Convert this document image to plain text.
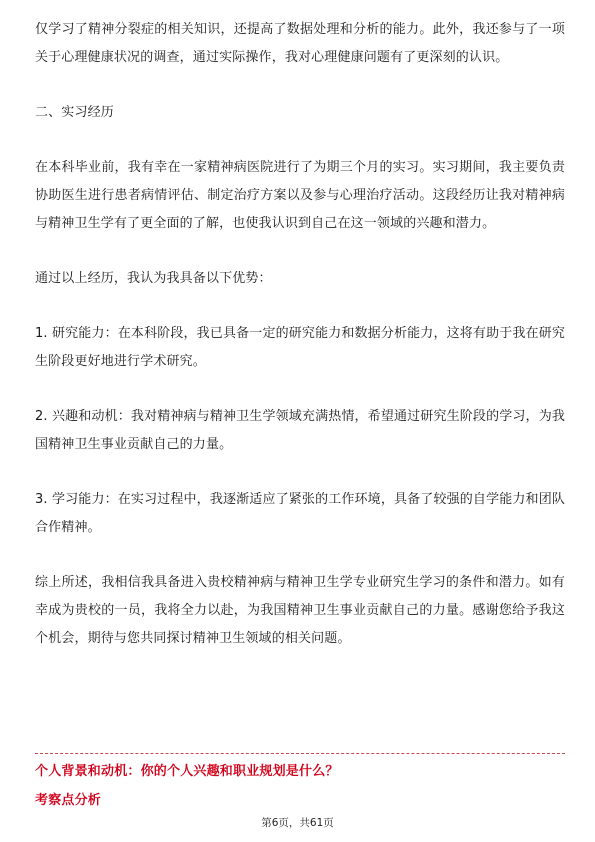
仅学习了精神分裂症的相关知识，还提高了数据处理和分析的能力。此外，我还参与了一项关于心理健康状况的调查，通过实际操作，我对心理健康问题有了更深刻的认识。

二、实习经历

在本科毕业前，我有幸在一家精神病医院进行了为期三个月的实习。实习期间，我主要负责协助医生进行患者病情评估、制定治疗方案以及参与心理治疗活动。这段经历让我对精神病与精神卫生学有了更全面的了解，也使我认识到自己在这一领域的兴趣和潜力。

通过以上经历，我认为我具备以下优势：

1. 研究能力：在本科阶段，我已具备一定的研究能力和数据分析能力，这将有助于我在研究生阶段更好地进行学术研究。

2. 兴趣和动机：我对精神病与精神卫生学领域充满热情，希望通过研究生阶段的学习，为我国精神卫生事业贡献自己的力量。

3. 学习能力：在实习过程中，我逐渐适应了紧张的工作环境，具备了较强的自学能力和团队合作精神。

综上所述，我相信我具备进入贵校精神病与精神卫生学专业研究生学习的条件和潜力。如有幸成为贵校的一员，我将全力以赴，为我国精神卫生事业贡献自己的力量。感谢您给予我这个机会，期待与您共同探讨精神卫生领域的相关问题。

个人背景和动机：你的个人兴趣和职业规划是什么？

考察点分析

第6页，共61页
